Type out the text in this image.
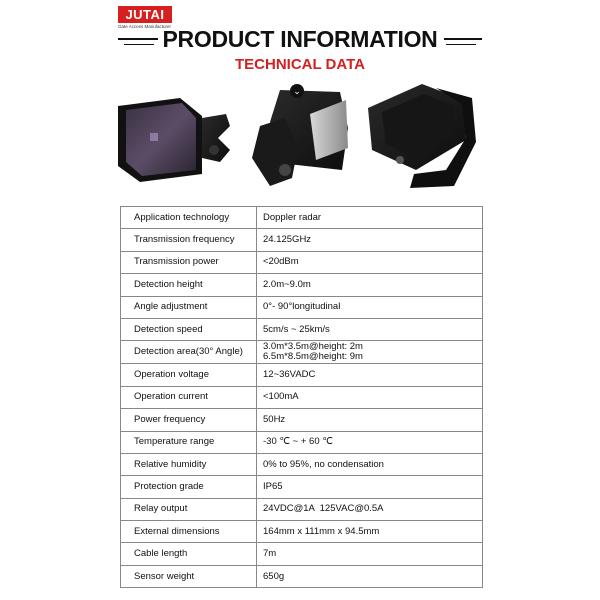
JUTAI
Gate Access Manufacturer
PRODUCT INFORMATION
TECHNICAL DATA
⌄
Application technology	Doppler radar
Transmission frequency	24.125GHz
Transmission power	<20dBm
Detection height	2.0m~9.0m
Angle adjustment	0°- 90°longitudinal
Detection speed	5cm/s ~ 25km/s
Detection area(30° Angle)	3.0m*3.5m@height: 2m
6.5m*8.5m@height: 9m

Operation voltage	12~36VADC
Operation current	<100mA
Power frequency	50Hz
Temperature range	-30 ℃ ~ + 60 ℃
Relative humidity	0% to 95%, no condensation
Protection grade	IP65
Relay output	24VDC@1A  125VAC@0.5A
External dimensions	164mm x 111mm x 94.5mm
Cable length	7m
Sensor weight	650g
